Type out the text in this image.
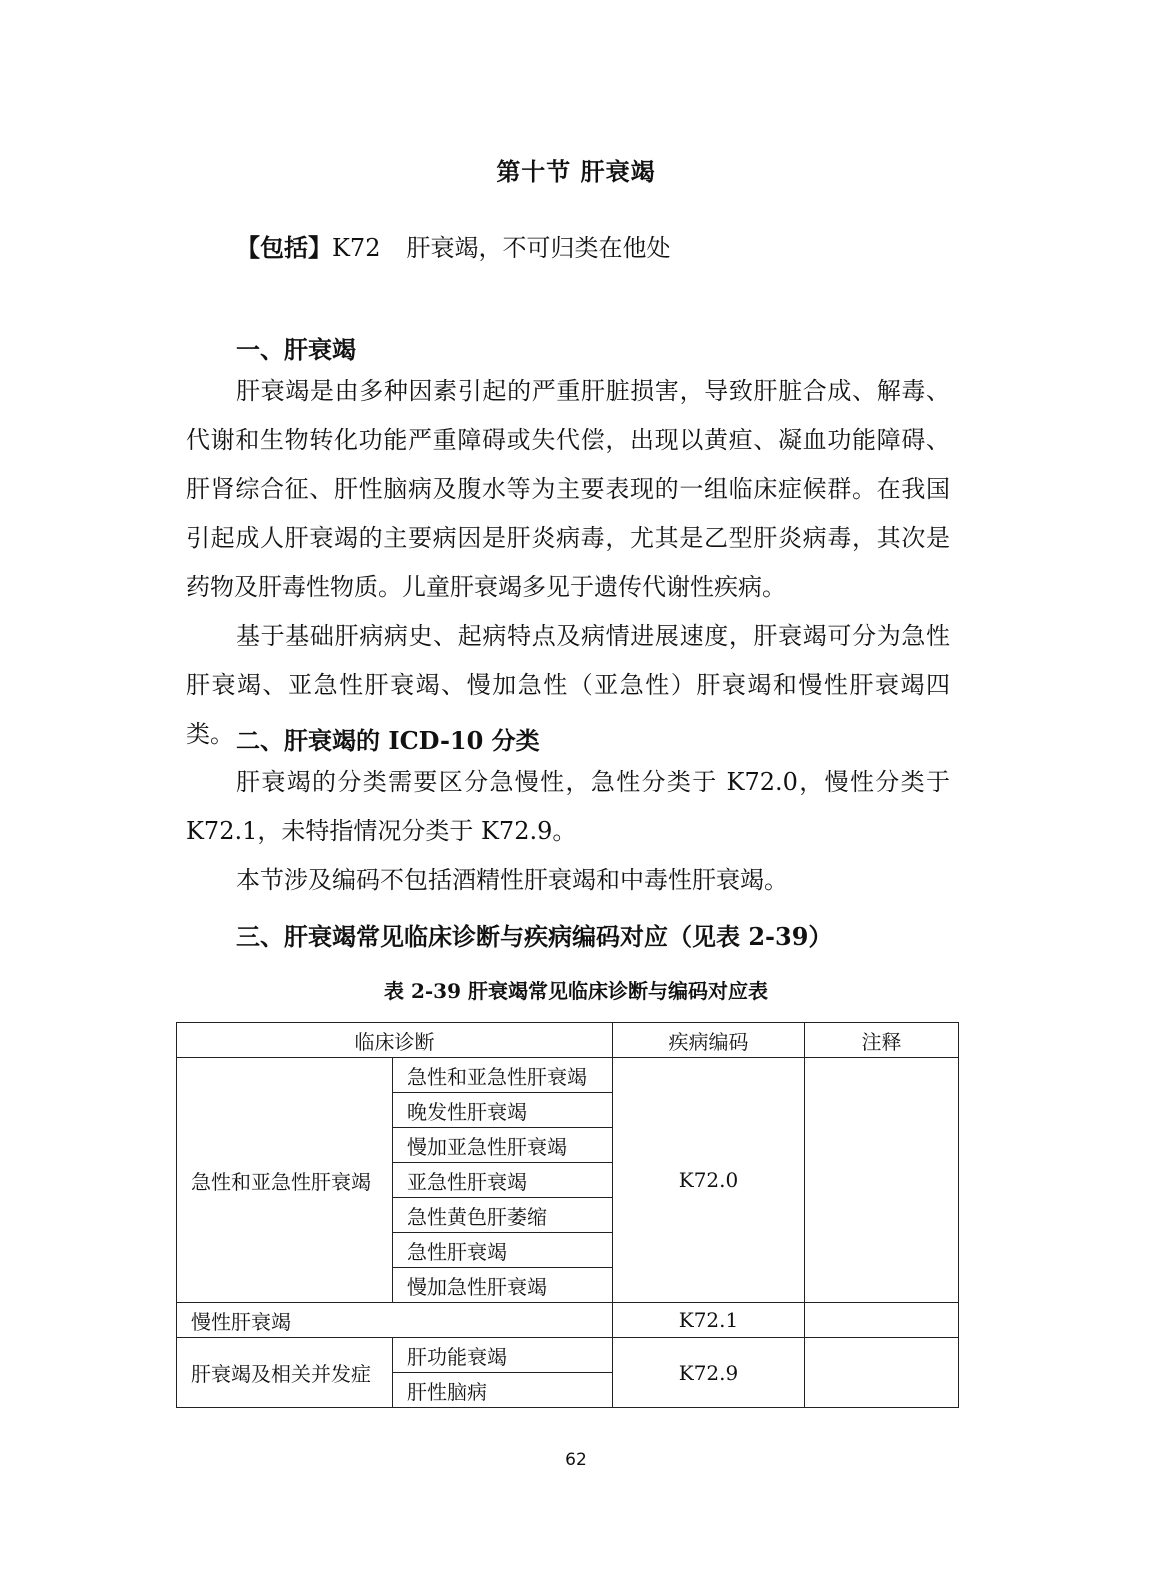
第十节 肝衰竭
【包括】K72 肝衰竭，不可归类在他处
一、肝衰竭

肝衰竭是由多种因素引起的严重肝脏损害，导致肝脏合成、解毒、代谢和生物转化功能严重障碍或失代偿，出现以黄疸、凝血功能障碍、肝肾综合征、肝性脑病及腹水等为主要表现的一组临床症候群。在我国引起成人肝衰竭的主要病因是肝炎病毒，尤其是乙型肝炎病毒，其次是药物及肝毒性物质。儿童肝衰竭多见于遗传代谢性疾病。

基于基础肝病病史、起病特点及病情进展速度，肝衰竭可分为急性肝衰竭、亚急性肝衰竭、慢加急性（亚急性）肝衰竭和慢性肝衰竭四类。 二、肝衰竭的 ICD-10 分类

肝衰竭的分类需要区分急慢性，急性分类于 K72.0，慢性分类于 K72.1，未特指情况分类于 K72.9。

本节涉及编码不包括酒精性肝衰竭和中毒性肝衰竭。

三、肝衰竭常见临床诊断与疾病编码对应（见表 2-39）
表 2-39 肝衰竭常见临床诊断与编码对应表
临床诊断		疾病编码	注释
急性和亚急性肝衰竭	急性和亚急性肝衰竭	K72.0	
	晚发性肝衰竭		
	慢加亚急性肝衰竭		
	亚急性肝衰竭		
	急性黄色肝萎缩		
	急性肝衰竭		
	慢加急性肝衰竭		
慢性肝衰竭		K72.1	
肝衰竭及相关并发症	肝功能衰竭	K72.9	
	肝性脑病		
62
